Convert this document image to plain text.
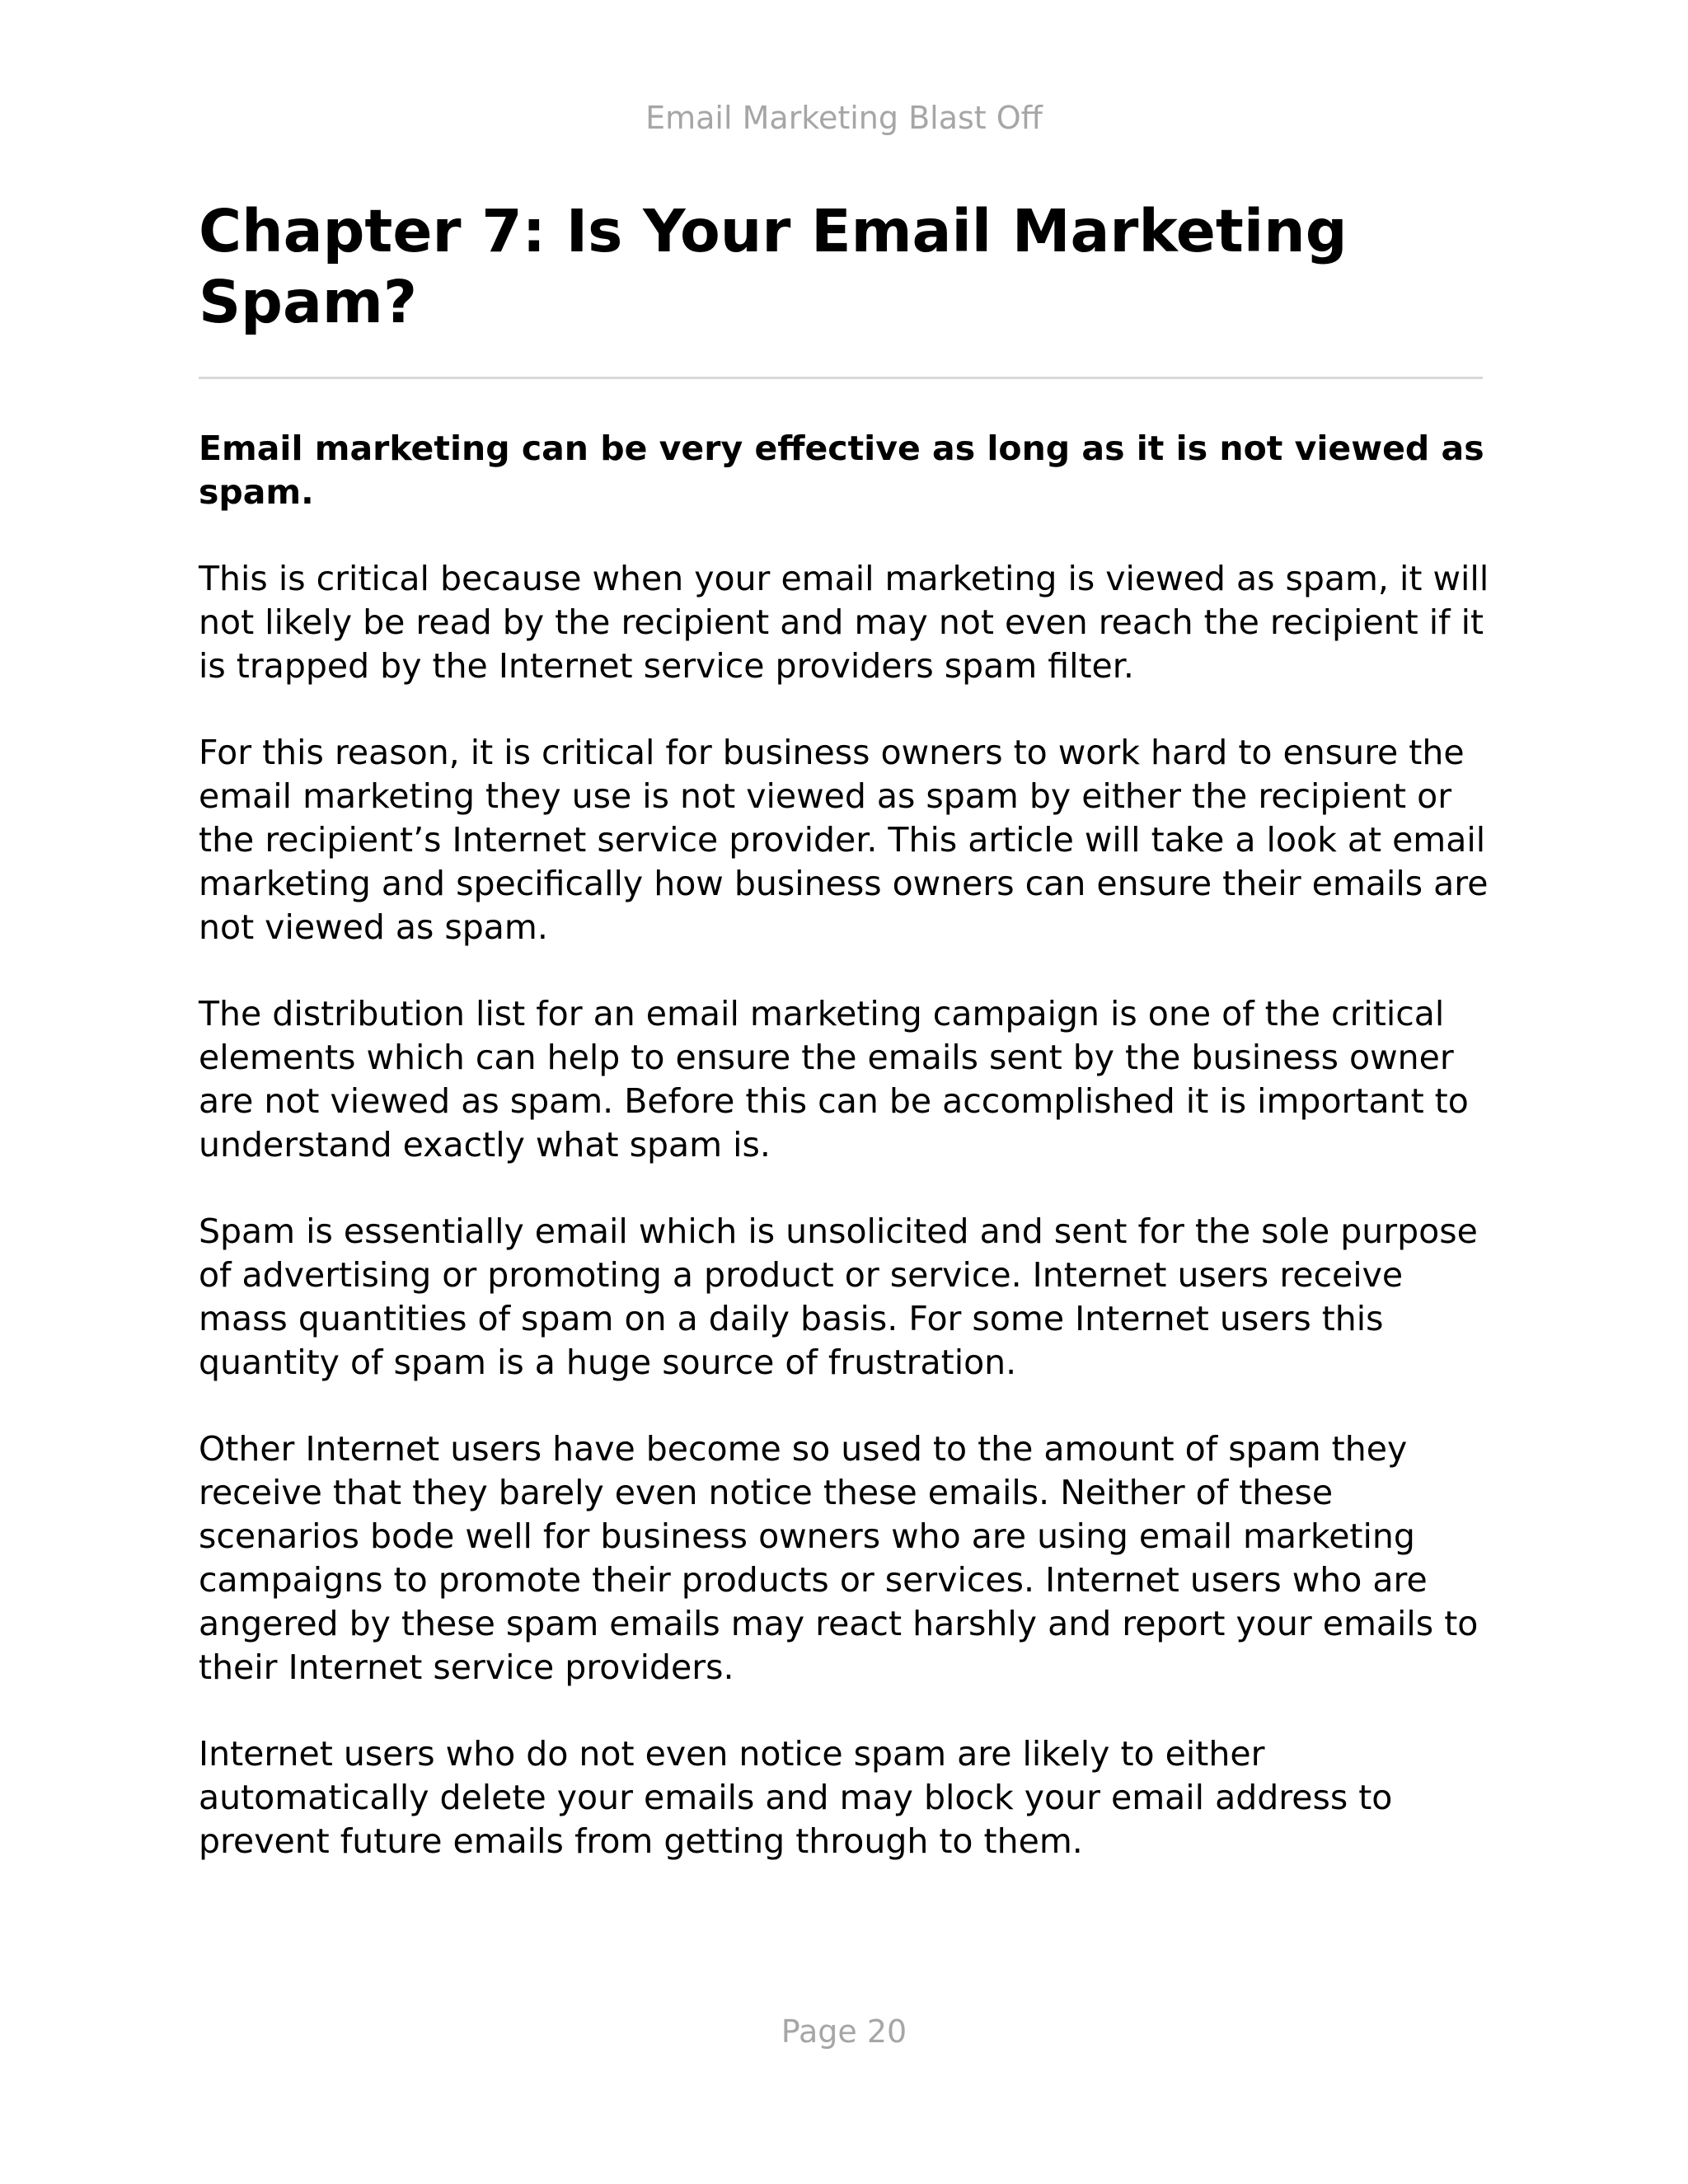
Email Marketing Blast Off
Chapter 7: Is Your Email Marketing Spam?

Email marketing can be very effective as long as it is not viewed as spam.

This is critical because when your email marketing is viewed as spam, it will not likely be read by the recipient and may not even reach the recipient if it is trapped by the Internet service providers spam filter.

For this reason, it is critical for business owners to work hard to ensure the email marketing they use is not viewed as spam by either the recipient or the recipient’s Internet service provider. This article will take a look at email marketing and specifically how business owners can ensure their emails are not viewed as spam.

The distribution list for an email marketing campaign is one of the critical elements which can help to ensure the emails sent by the business owner are not viewed as spam. Before this can be accomplished it is important to understand exactly what spam is.

Spam is essentially email which is unsolicited and sent for the sole purpose of advertising or promoting a product or service. Internet users receive mass quantities of spam on a daily basis. For some Internet users this quantity of spam is a huge source of frustration.

Other Internet users have become so used to the amount of spam they receive that they barely even notice these emails. Neither of these scenarios bode well for business owners who are using email marketing campaigns to promote their products or services. Internet users who are angered by these spam emails may react harshly and report your emails to their Internet service providers.

Internet users who do not even notice spam are likely to either automatically delete your emails and may block your email address to prevent future emails from getting through to them.

Page 20
